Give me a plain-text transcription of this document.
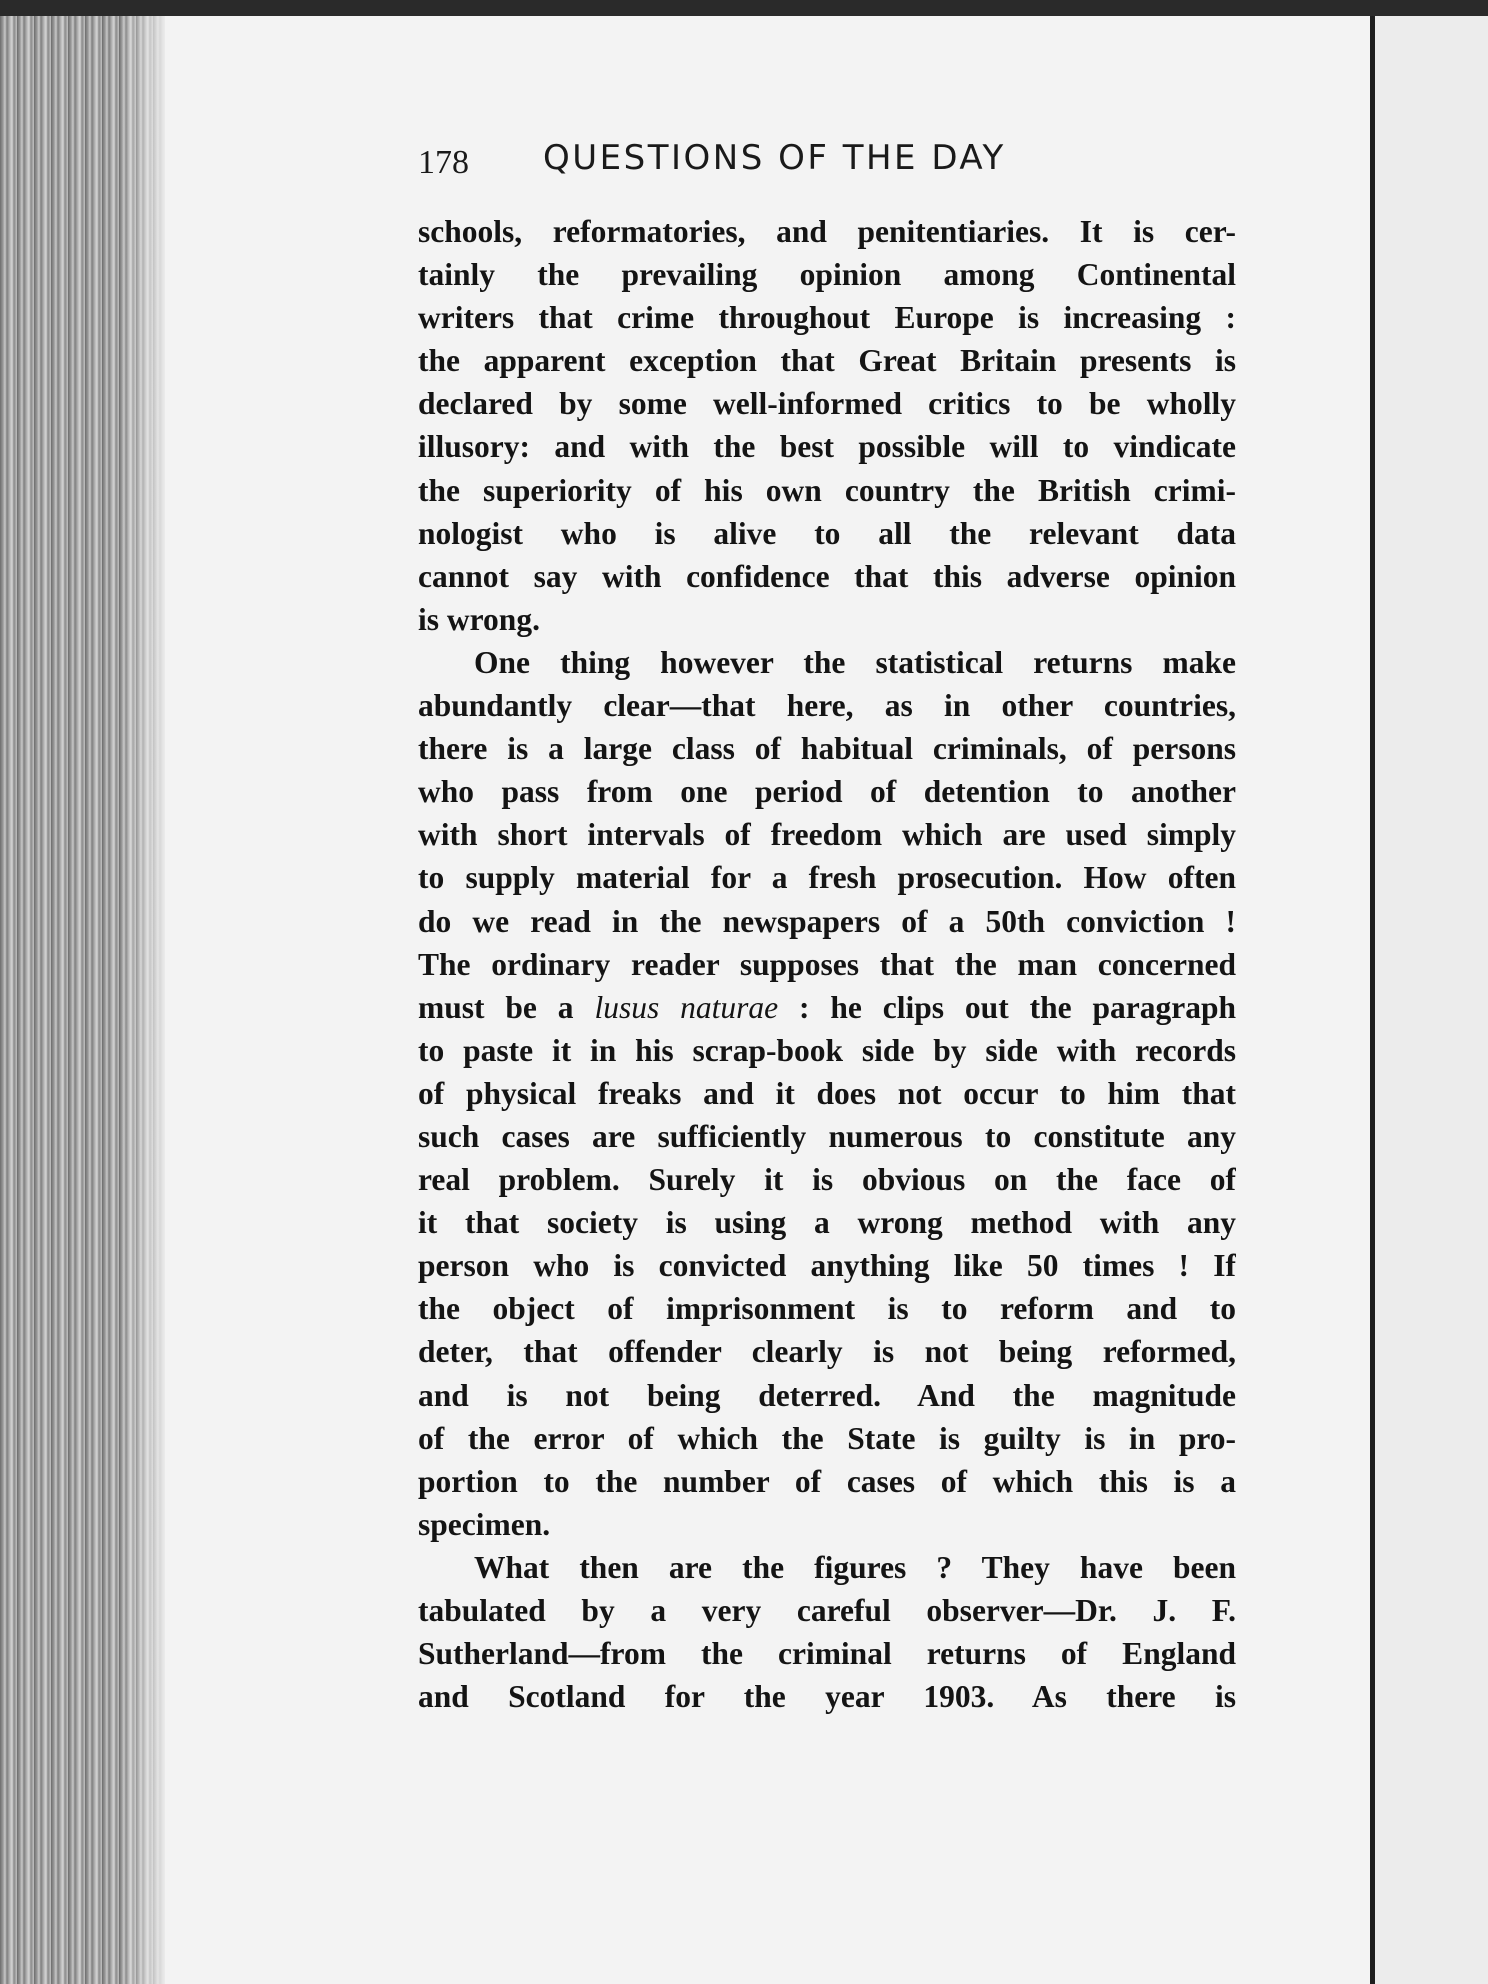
178 QUESTIONS OF THE DAY
schools, reformatories, and penitentiaries. It is cer-
tainly the prevailing opinion among Continental
writers that crime throughout Europe is increasing :
the apparent exception that Great Britain presents is
declared by some well-informed critics to be wholly
illusory: and with the best possible will to vindicate
the superiority of his own country the British crimi-
nologist who is alive to all the relevant data
cannot say with confidence that this adverse opinion
is wrong.
One thing however the statistical returns make
abundantly clear—that here, as in other countries,
there is a large class of habitual criminals, of persons
who pass from one period of detention to another
with short intervals of freedom which are used simply
to supply material for a fresh prosecution. How often
do we read in the newspapers of a 50th conviction !
The ordinary reader supposes that the man concerned
must be a lusus naturae : he clips out the paragraph
to paste it in his scrap-book side by side with records
of physical freaks and it does not occur to him that
such cases are sufficiently numerous to constitute any
real problem. Surely it is obvious on the face of
it that society is using a wrong method with any
person who is convicted anything like 50 times ! If
the object of imprisonment is to reform and to
deter, that offender clearly is not being reformed,
and is not being deterred. And the magnitude
of the error of which the State is guilty is in pro-
portion to the number of cases of which this is a
specimen.
What then are the figures ? They have been
tabulated by a very careful observer—Dr. J. F.
Sutherland—from the criminal returns of England
and Scotland for the year 1903. As there is
